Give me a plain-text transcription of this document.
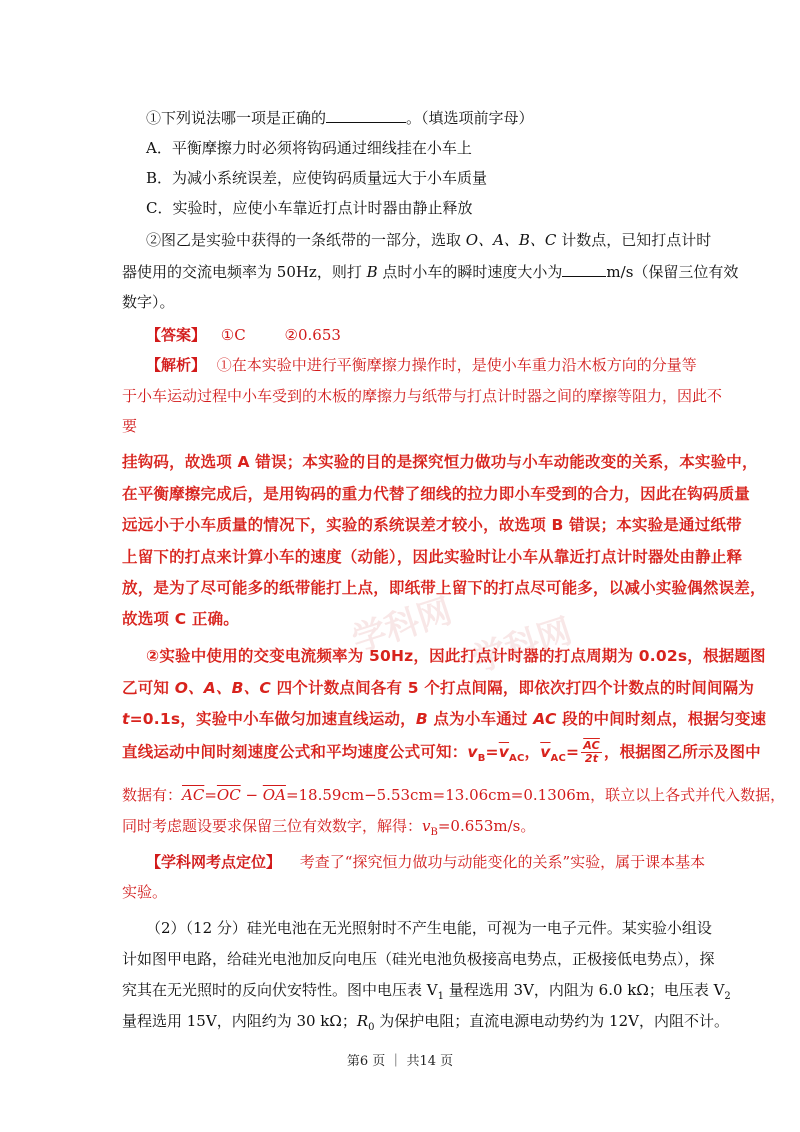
学科网 学科网
①下列说法哪一项是正确的	。（填选项前字母）
A．平衡摩擦力时必须将钩码通过细线挂在小车上
B．为减小系统误差，应使钩码质量远大于小车质量
C．实验时，应使小车靠近打点计时器由静止释放
②图乙是实验中获得的一条纸带的一部分，选取 O、A、B、C 计数点，已知打点计时
器使用的交流电频率为 50Hz，则打 B 点时小车的瞬时速度大小为	m/s（保留三位有效
数字）。
【答案】 ①C	②0.653
【解析】 ①在本实验中进行平衡摩擦力操作时，是使小车重力沿木板方向的分量等
于小车运动过程中小车受到的木板的摩擦力与纸带与打点计时器之间的摩擦等阻力，因此不
要
挂钩码，故选项 A 错误；本实验的目的是探究恒力做功与小车动能改变的关系，本实验中，
在平衡摩擦完成后，是用钩码的重力代替了细线的拉力即小车受到的合力，因此在钩码质量
远远小于小车质量的情况下，实验的系统误差才较小，故选项 B 错误；本实验是通过纸带
上留下的打点来计算小车的速度（动能），因此实验时让小车从靠近打点计时器处由静止释
放，是为了尽可能多的纸带能打上点，即纸带上留下的打点尽可能多，以减小实验偶然误差，
故选项 C 正确。
②实验中使用的交变电流频率为 50Hz，因此打点计时器的打点周期为 0.02s，根据题图
乙可知 O、A、B、C 四个计数点间各有 5 个打点间隔，即依次打四个计数点的时间间隔为
t=0.1s，实验中小车做匀加速直线运动，B 点为小车通过 AC 段的中间时刻点，根据匀变速
直线运动中间时刻速度公式和平均速度公式可知：$v_B=\overline{v}_{AC}$，$\overline{v}_{AC}= \frac{\overline{AC}}{2t}$ ，根据图乙所示及图中
数据有：$\overline{AC}=\overline{OC} - \overline{OA}=18.59cm-5.53cm=13.06cm=0.1306m$，联立以上各式并代入数据，
同时考虑题设要求保留三位有效数字，解得：$v_B=0.653m/s$。
【学科网考点定位】 考查了“探究恒力做功与动能变化的关系”实验，属于课本基本
实验。
（2）（12 分）硅光电池在无光照射时不产生电能，可视为一电子元件。某实验小组设
计如图甲电路，给硅光电池加反向电压（硅光电池负极接高电势点，正极接低电势点），探
究其在无光照时的反向伏安特性。图中电压表 $V_1$ 量程选用 3V，内阻为 6.0 kΩ；电压表 $V_2$
量程选用 15V，内阻约为 30 kΩ；$R_0$ 为保护电阻；直流电源电动势约为 12V，内阻不计。
第6 页 ｜ 共14 页
